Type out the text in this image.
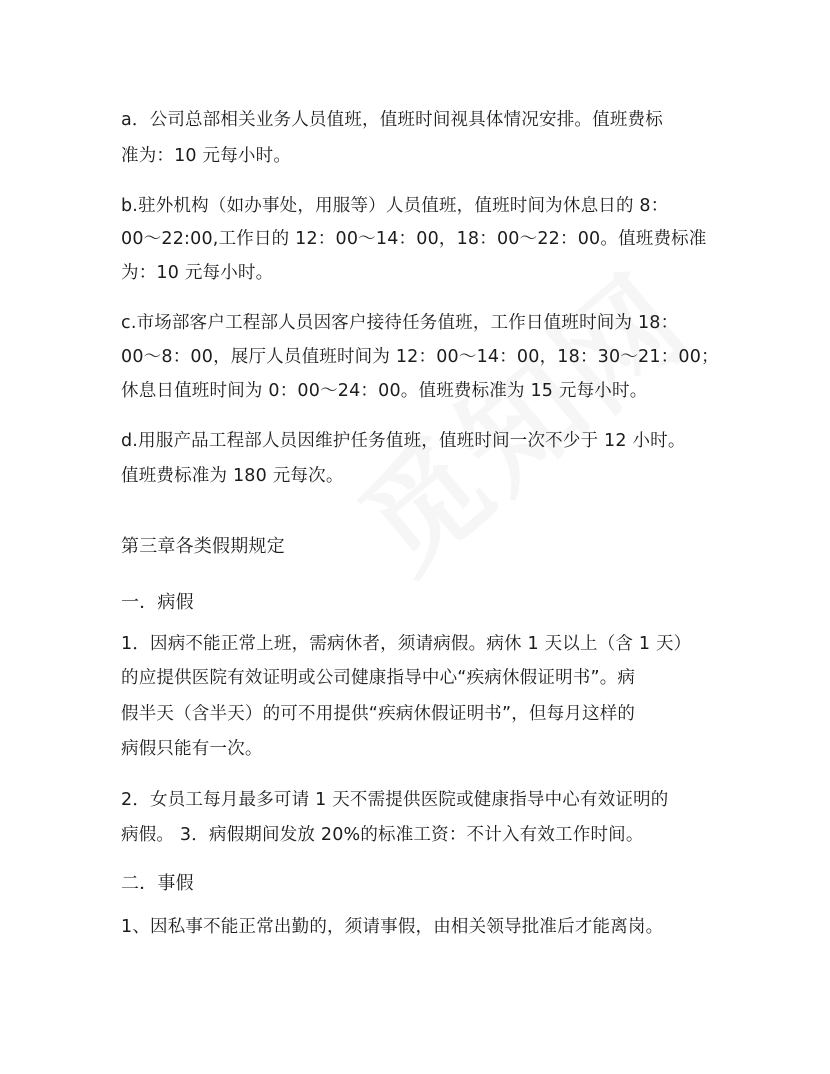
a．公司总部相关业务人员值班，值班时间视具体情况安排。值班费标
准为：10 元每小时。
b.驻外机构（如办事处，用服等）人员值班，值班时间为休息日的 8：
00～22:00,工作日的 12：00～14：00，18：00～22：00。值班费标准
为：10 元每小时。
c.市场部客户工程部人员因客户接待任务值班，工作日值班时间为 18：
00～8：00，展厅人员值班时间为 12：00～14：00，18：30～21：00；
休息日值班时间为 0：00～24：00。值班费标准为 15 元每小时。
d.用服产品工程部人员因维护任务值班，值班时间一次不少于 12 小时。
值班费标准为 180 元每次。
第三章各类假期规定
一．病假
1．因病不能正常上班，需病休者，须请病假。病休 1 天以上（含 1 天）
的应提供医院有效证明或公司健康指导中心“疾病休假证明书”。病
假半天（含半天）的可不用提供“疾病休假证明书”，但每月这样的
病假只能有一次。
2．女员工每月最多可请 1 天不需提供医院或健康指导中心有效证明的
病假。 3．病假期间发放 20%的标准工资：不计入有效工作时间。
二．事假
1、因私事不能正常出勤的，须请事假，由相关领导批准后才能离岗。
